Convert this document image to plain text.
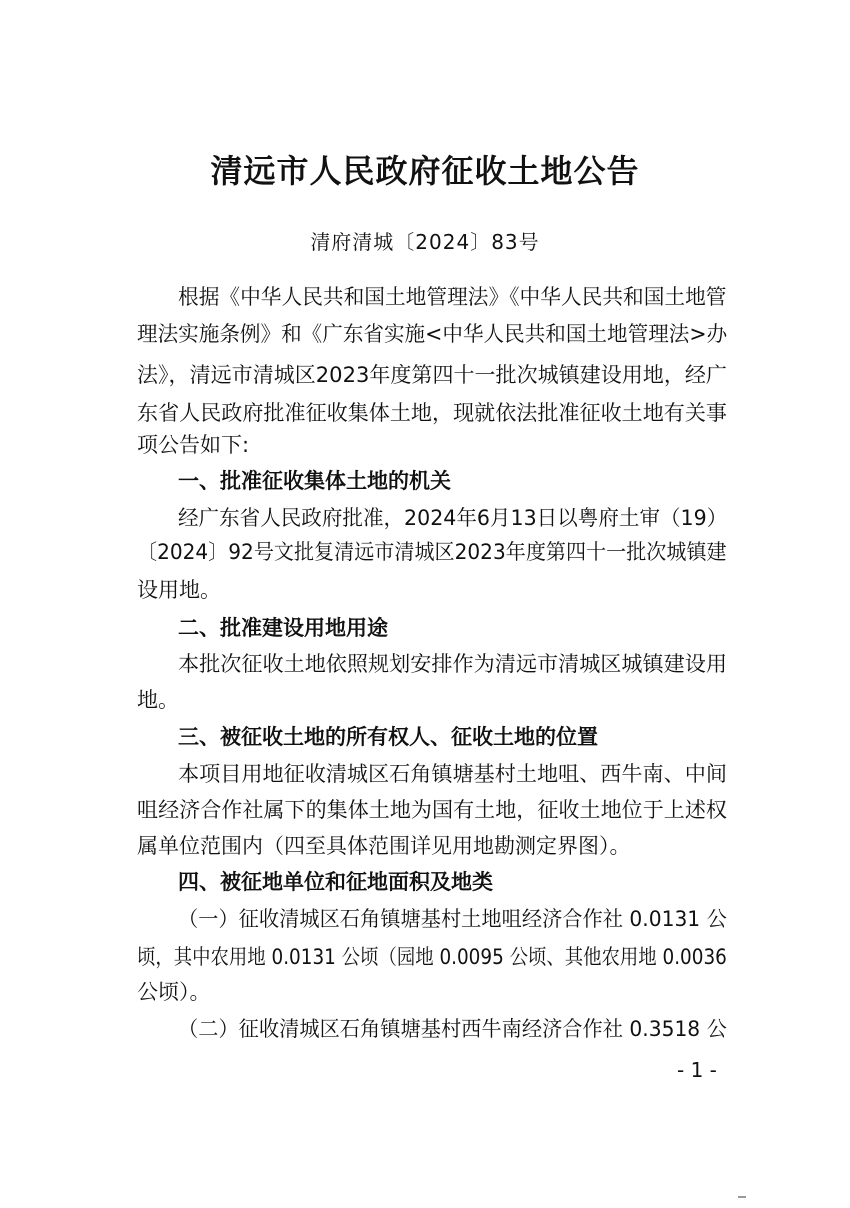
清远市人民政府征收土地公告
清府清城〔2024〕83号
根据《中华人民共和国土地管理法》《中华人民共和国土地管
理法实施条例》和《广东省实施<中华人民共和国土地管理法>办
法》，清远市清城区2023年度第四十一批次城镇建设用地，经广
东省人民政府批准征收集体土地，现就依法批准征收土地有关事
项公告如下:
一、批准征收集体土地的机关
经广东省人民政府批准，2024年6月13日以粤府土审（19）
〔2024〕92号文批复清远市清城区2023年度第四十一批次城镇建
设用地。
二、批准建设用地用途
本批次征收土地依照规划安排作为清远市清城区城镇建设用
地。
三、被征收土地的所有权人、征收土地的位置
本项目用地征收清城区石角镇塘基村土地咀、西牛南、中间
咀经济合作社属下的集体土地为国有土地，征收土地位于上述权
属单位范围内（四至具体范围详见用地勘测定界图）。
四、被征地单位和征地面积及地类
（一）征收清城区石角镇塘基村土地咀经济合作社 0.0131 公
顷，其中农用地 0.0131 公顷（园地 0.0095 公顷、其他农用地 0.0036
公顷）。
（二）征收清城区石角镇塘基村西牛南经济合作社 0.3518 公
- 1 -
